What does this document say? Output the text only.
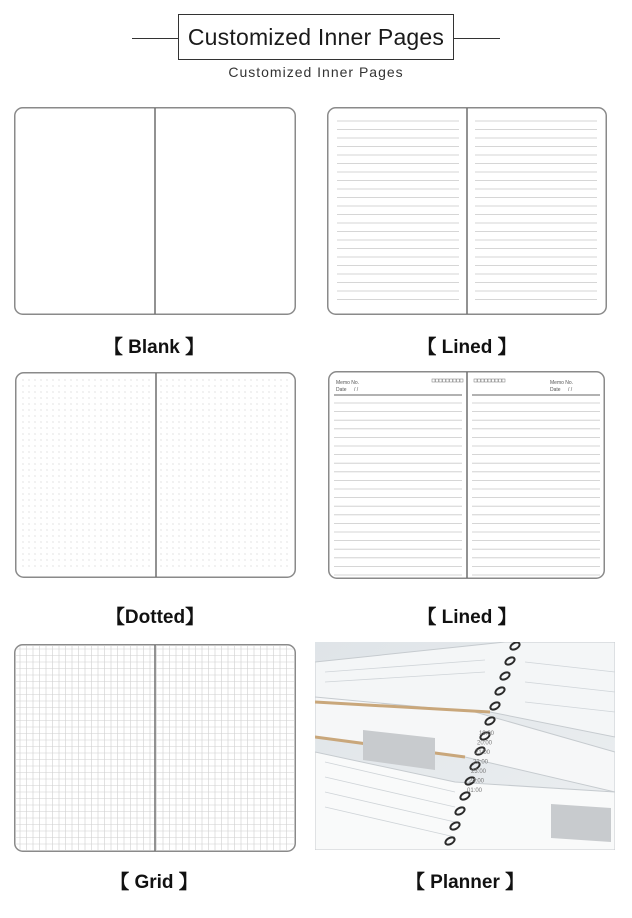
Customized Inner Pages
Customized Inner Pages
【 Blank 】	【 Lined 】
【Dotted】
Memo No.
Date / /
Memo No.
Date / /
【 Lined 】
【 Grid 】
19:00
20:00
21:00
22:00
23:00
24:00
01:00
【 Planner 】
